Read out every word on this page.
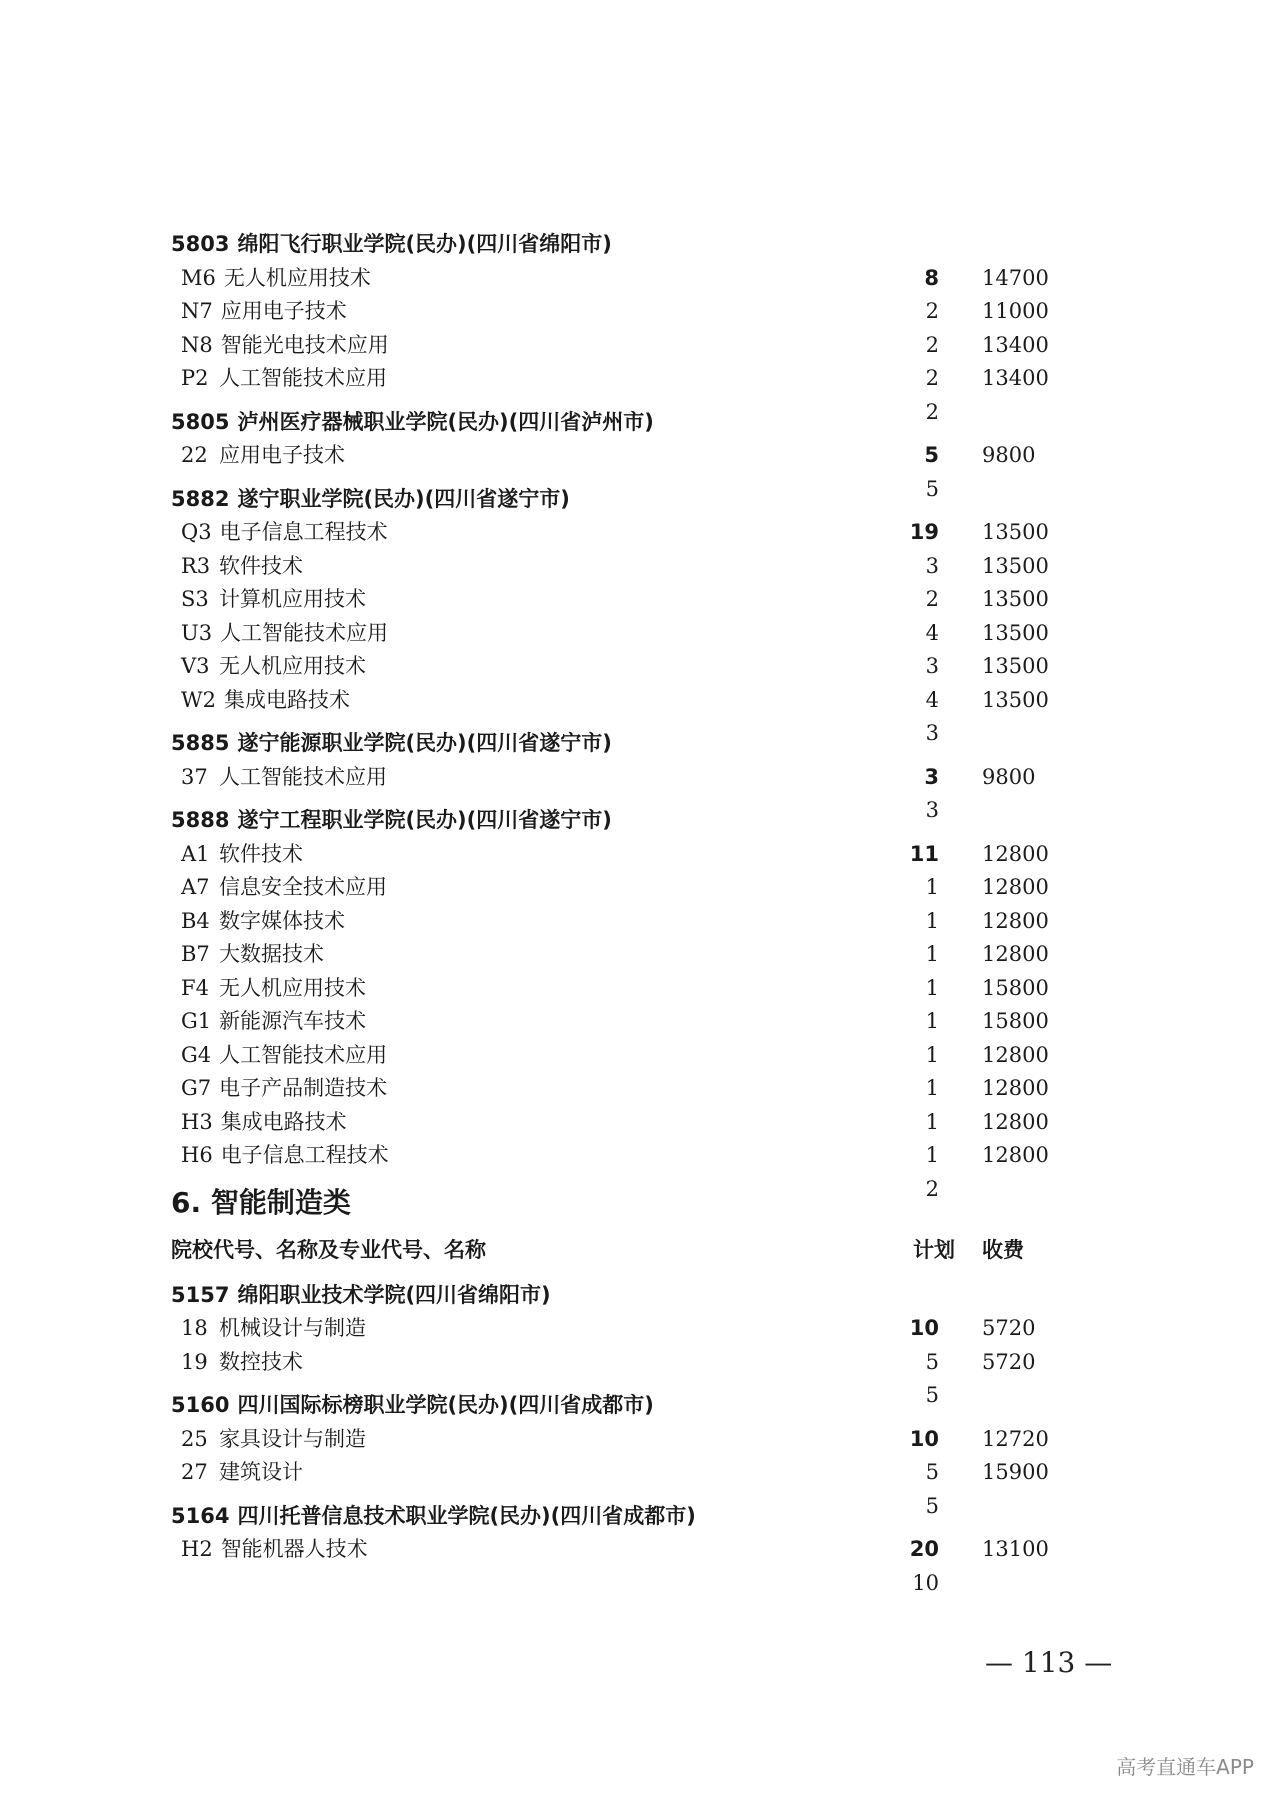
5803 绵阳飞行职业学院(民办)(四川省绵阳市)
8
M6 无人机应用技术
2
14700
N7 应用电子技术
2
11000
N8 智能光电技术应用
2
13400
P2 人工智能技术应用
2
13400
5805 泸州医疗器械职业学院(民办)(四川省泸州市)
5
22 应用电子技术
5
9800
5882 遂宁职业学院(民办)(四川省遂宁市)
19
Q3 电子信息工程技术
3
13500
R3 软件技术
2
13500
S3 计算机应用技术
4
13500
U3 人工智能技术应用
3
13500
V3 无人机应用技术
4
13500
W2 集成电路技术
3
13500
5885 遂宁能源职业学院(民办)(四川省遂宁市)
3
37 人工智能技术应用
3
9800
5888 遂宁工程职业学院(民办)(四川省遂宁市)
11
A1 软件技术
1
12800
A7 信息安全技术应用
1
12800
B4 数字媒体技术
1
12800
B7 大数据技术
1
12800
F4 无人机应用技术
1
15800
G1 新能源汽车技术
1
15800
G4 人工智能技术应用
1
12800
G7 电子产品制造技术
1
12800
H3 集成电路技术
1
12800
H6 电子信息工程技术
2
12800
6. 智能制造类
院校代号、名称及专业代号、名称	计划 收费
5157 绵阳职业技术学院(四川省绵阳市)
10
18 机械设计与制造
5
5720
19 数控技术
5
5720
5160 四川国际标榜职业学院(民办)(四川省成都市)
10
25 家具设计与制造
5
12720
27 建筑设计
5
15900
5164 四川托普信息技术职业学院(民办)(四川省成都市)
20
H2 智能机器人技术
10
13100
— 113 —
高考直通车APP
